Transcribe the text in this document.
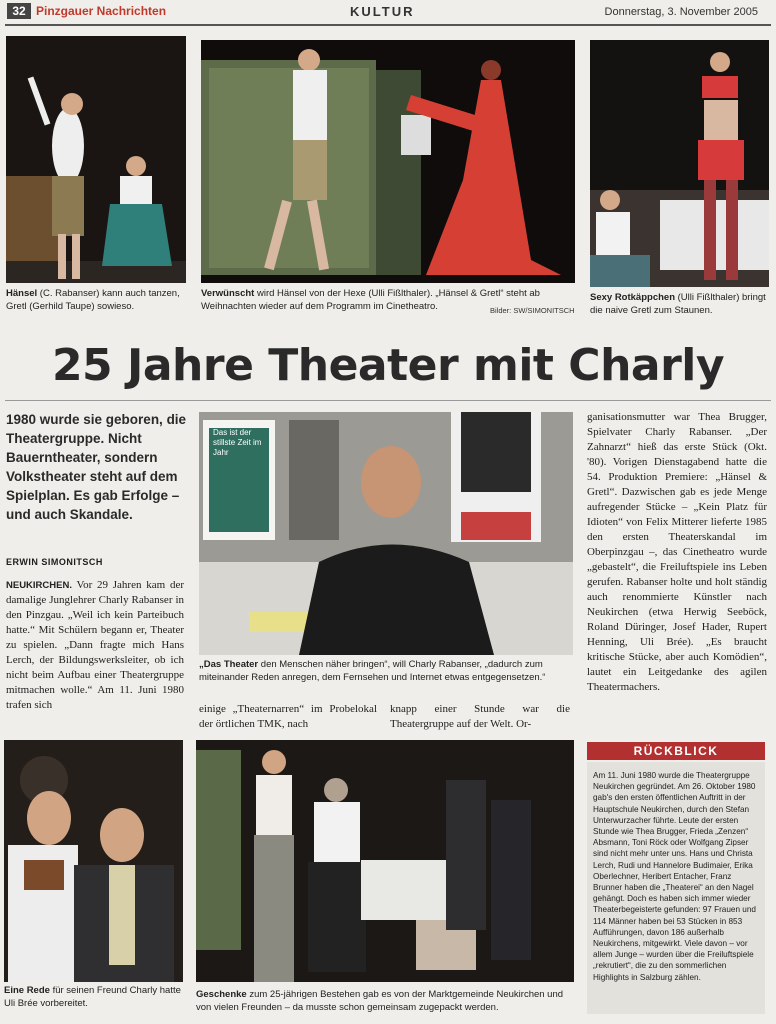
32 Pinzgauer Nachrichten	KULTUR	Donnerstag, 3. November 2005
Hänsel (C. Rabanser) kann auch tanzen, Gretl (Gerhild Taupe) sowieso.
Verwünscht wird Hänsel von der Hexe (Ulli Fißlthaler). „Hänsel & Gretl“ steht ab Weihnachten wieder auf dem Programm im Cinetheatro.	Bilder: SW/SIMONITSCH
Sexy Rotkäppchen (Ulli Fißlthaler) bringt die naive Gretl zum Staunen.
25 Jahre Theater mit Charly
1980 wurde sie geboren, die Theatergruppe. Nicht Bauerntheater, sondern Volkstheater steht auf dem Spielplan. Es gab Erfolge – und auch Skandale.
ERWIN SIMONITSCH
Das ist der stillste Zeit im Jahr
„Das Theater den Menschen näher bringen“, will Charly Rabanser, „dadurch zum miteinander Reden anregen, dem Fernsehen und Internet etwas entgegensetzen.“
NEUKIRCHEN. Vor 29 Jahren kam der damalige Junglehrer Charly Rabanser in den Pinzgau. „Weil ich kein Parteibuch hatte.“ Mit Schülern begann er, Theater zu spielen. „Dann fragte mich Hans Lerch, der Bildungswerksleiter, ob ich nicht beim Aufbau einer Theatergruppe mitmachen wolle.“ Am 11. Juni 1980 trafen sich	einige „Theaternarren“ im Probelokal der örtlichen TMK, nach
knapp einer Stunde war die Theatergruppe auf der Welt. Or-
ganisationsmutter war Thea Brugger, Spielvater Charly Rabanser. „Der Zahnarzt“ hieß das erste Stück (Okt. '80). Vorigen Dienstagabend hatte die 54. Produktion Premiere: „Hänsel & Gretl“. Dazwischen gab es jede Menge aufregender Stücke – „Kein Platz für Idioten“ von Felix Mitterer lieferte 1985 den ersten Theaterskandal im Oberpinzgau –, das Cinetheatro wurde „gebastelt“, die Freiluftspiele ins Leben gerufen. Rabanser holte und holt ständig auch renommierte Künstler nach Neukirchen (etwa Herwig Seeböck, Roland Düringer, Josef Hader, Rupert Henning, Uli Brée). „Es braucht kritische Stücke, aber auch Komödien“, lautet ein Leitgedanke des agilen Theatermachers.
Eine Rede für seinen Freund Charly hatte Uli Brée vorbereitet.
Geschenke zum 25-jährigen Bestehen gab es von der Marktgemeinde Neukirchen und von vielen Freunden – da musste schon gemeinsam zugepackt werden.
RÜCKBLICK
Am 11. Juni 1980 wurde die Theatergruppe Neukirchen gegründet. Am 26. Oktober 1980 gab's den ersten öffentlichen Auftritt in der Hauptschule Neukirchen, durch den Stefan Unterwurzacher führte. Leute der ersten Stunde wie Thea Brugger, Frieda „Zenzen“ Absmann, Toni Röck oder Wolfgang Zipser sind nicht mehr unter uns. Hans und Christa Lerch, Rudi und Hannelore Budimaier, Erika Oberlechner, Heribert Entacher, Franz Brunner haben die „Theaterei“ an den Nagel gehängt. Doch es haben sich immer wieder Theaterbegeisterte gefunden: 97 Frauen und 114 Männer haben bei 53 Stücken in 853 Aufführungen, davon 186 außerhalb Neukirchens, mitgewirkt. Viele davon – vor allem Junge – wurden über die Freiluftspiele „rekrutiert“, die zu den sommerlichen Highlights in Salzburg zählen.
